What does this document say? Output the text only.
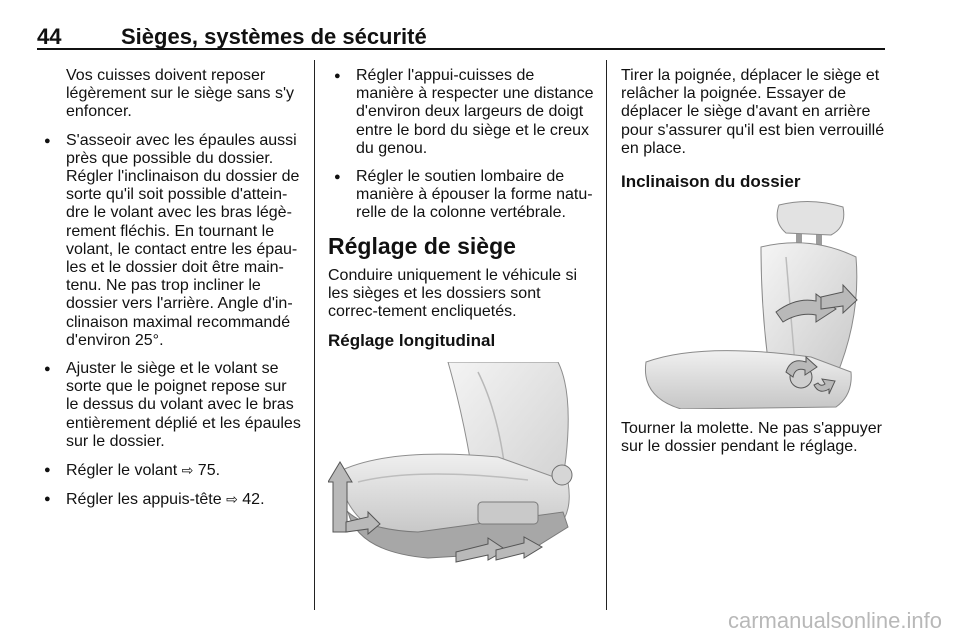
44	Sièges, systèmes de sécurité

Vos cuisses doivent reposer légèrement sur le siège sans s'y enfoncer.

● S'asseoir avec les épaules aussi près que possible du dossier. Régler l'inclinaison du dossier de sorte qu'il soit possible d'attein-dre le volant avec les bras légè-rement fléchis. En tournant le volant, le contact entre les épau-les et le dossier doit être main-tenu. Ne pas trop incliner le dossier vers l'arrière. Angle d'in-clinaison maximal recommandé d'environ 25°.

● Ajuster le siège et le volant se sorte que le poignet repose sur le dessus du volant avec le bras entièrement déplié et les épaules sur le dossier.

● Régler le volant ⇨ 75.

● Régler les appuis-tête ⇨ 42.

● Régler l'appui-cuisses de manière à respecter une distance d'environ deux largeurs de doigt entre le bord du siège et le creux du genou.

● Régler le soutien lombaire de manière à épouser la forme natu-relle de la colonne vertébrale.

Réglage de siège

Conduire uniquement le véhicule si les sièges et les dossiers sont correc-tement encliquetés.

Réglage longitudinal

Tirer la poignée, déplacer le siège et relâcher la poignée. Essayer de déplacer le siège d'avant en arrière pour s'assurer qu'il est bien verrouillé en place.

Inclinaison du dossier

Tourner la molette. Ne pas s'appuyer sur le dossier pendant le réglage.

carmanualsonline.info
